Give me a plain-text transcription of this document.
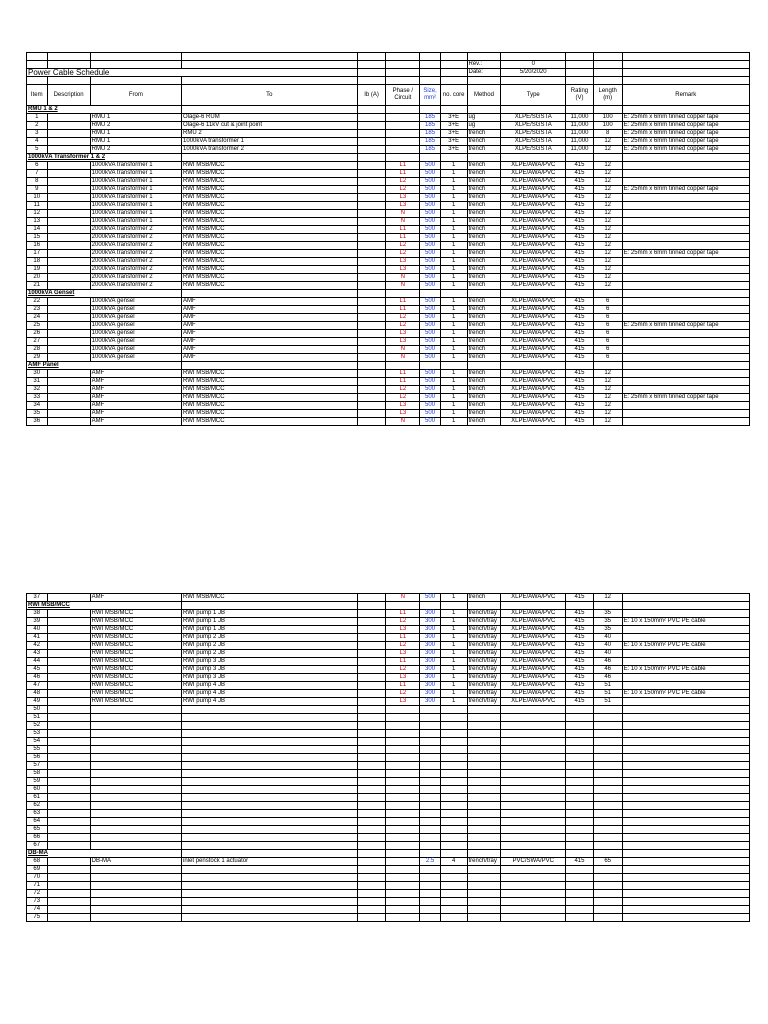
								Rev.:	0			
Power Cable Schedule								Date:	5/20/2020			

Item	Description	From	To	Ib (A)	Phase / Circuit	Size, mm²	no. core	Method	Type	Rating (V)	Length (m)	Remark
RMU 1 & 2												
1		RMU 1	Olage-6 RUM			185	3+E	ug	XLPE/SGSTA	11,000	100	E: 25mm x 6mm tinned copper tape
2		RMU 2	Olage-6 11kV cut & joint point			185	3+E	ug	XLPE/SGSTA	11,000	100	E: 25mm x 6mm tinned copper tape
3		RMU 1	RMU 2			185	3+E	trench	XLPE/SGSTA	11,000	8	E: 25mm x 6mm tinned copper tape
4		RMU 1	1000kVA transformer 1			185	3+E	trench	XLPE/SGSTA	11,000	12	E: 25mm x 6mm tinned copper tape
5		RMU 2	1000kVA transformer 2			185	3+E	trench	XLPE/SGSTA	11,000	12	E: 25mm x 6mm tinned copper tape
1000kVA Transformer 1 & 2												
6		1000kVA transformer 1	RWI MSB/MCC		L1	500	1	trench	XLPE/AWA/PVC	415	12	
7		1000kVA transformer 1	RWI MSB/MCC		L1	500	1	trench	XLPE/AWA/PVC	415	12	
8		1000kVA transformer 1	RWI MSB/MCC		L2	500	1	trench	XLPE/AWA/PVC	415	12	
9		1000kVA transformer 1	RWI MSB/MCC		L2	500	1	trench	XLPE/AWA/PVC	415	12	E: 25mm x 6mm tinned copper tape
10		1000kVA transformer 1	RWI MSB/MCC		L3	500	1	trench	XLPE/AWA/PVC	415	12	
11		1000kVA transformer 1	RWI MSB/MCC		L3	500	1	trench	XLPE/AWA/PVC	415	12	
12		1000kVA transformer 1	RWI MSB/MCC		N	500	1	trench	XLPE/AWA/PVC	415	12	
13		1000kVA transformer 1	RWI MSB/MCC		N	500	1	trench	XLPE/AWA/PVC	415	12	
14		2000kVA transformer 2	RWI MSB/MCC		L1	500	1	trench	XLPE/AWA/PVC	415	12	
15		2000kVA transformer 2	RWI MSB/MCC		L1	500	1	trench	XLPE/AWA/PVC	415	12	
16		2000kVA transformer 2	RWI MSB/MCC		L2	500	1	trench	XLPE/AWA/PVC	415	12	
17		2000kVA transformer 2	RWI MSB/MCC		L2	500	1	trench	XLPE/AWA/PVC	415	12	E: 25mm x 6mm tinned copper tape
18		2000kVA transformer 2	RWI MSB/MCC		L3	500	1	trench	XLPE/AWA/PVC	415	12	
19		2000kVA transformer 2	RWI MSB/MCC		L3	500	1	trench	XLPE/AWA/PVC	415	12	
20		2000kVA transformer 2	RWI MSB/MCC		N	500	1	trench	XLPE/AWA/PVC	415	12	
21		2000kVA transformer 2	RWI MSB/MCC		N	500	1	trench	XLPE/AWA/PVC	415	12	
1000kVA Genset												
22		1000kVA gensel	AMF		L1	500	1	trench	XLPE/AWA/PVC	415	6	
23		1000kVA gensel	AMF		L1	500	1	trench	XLPE/AWA/PVC	415	6	
24		1000kVA gensel	AMF		L2	500	1	trench	XLPE/AWA/PVC	415	6	
25		1000kVA gensel	AMF		L2	500	1	trench	XLPE/AWA/PVC	415	6	E: 25mm x 6mm tinned copper tape
26		1000kVA gensel	AMF		L3	500	1	trench	XLPE/AWA/PVC	415	6	
27		1000kVA gensel	AMF		L3	500	1	trench	XLPE/AWA/PVC	415	6	
28		1000kVA gensel	AMF		N	500	1	trench	XLPE/AWA/PVC	415	6	
29		1000kVA gensel	AMF		N	500	1	trench	XLPE/AWA/PVC	415	6	
AMF Panel												
30		AMF	RWI MSB/MCC		L1	500	1	trench	XLPE/AWA/PVC	415	12	
31		AMF	RWI MSB/MCC		L1	500	1	trench	XLPE/AWA/PVC	415	12	
32		AMF	RWI MSB/MCC		L2	500	1	trench	XLPE/AWA/PVC	415	12	
33		AMF	RWI MSB/MCC		L2	500	1	trench	XLPE/AWA/PVC	415	12	E: 25mm x 6mm tinned copper tape
34		AMF	RWI MSB/MCC		L3	500	1	trench	XLPE/AWA/PVC	415	12	
35		AMF	RWI MSB/MCC		L3	500	1	trench	XLPE/AWA/PVC	415	12	
36		AMF	RWI MSB/MCC		N	500	1	trench	XLPE/AWA/PVC	415	12	
37		AMF	RWI MSB/MCC		N	500	1	trench	XLPE/AWA/PVC	415	12	
RWI MSB/MCC												
38		RWI MSB/MCC	RWI pump 1 JB		L1	300	1	trench/tray	XLPE/AWA/PVC	415	35	
39		RWI MSB/MCC	RWI pump 1 JB		L2	300	1	trench/tray	XLPE/AWA/PVC	415	35	E: 10 x 150mm² PVC PE cable
40		RWI MSB/MCC	RWI pump 1 JB		L3	300	1	trench/tray	XLPE/AWA/PVC	415	35	
41		RWI MSB/MCC	RWI pump 2 JB		L1	300	1	trench/tray	XLPE/AWA/PVC	415	40	
42		RWI MSB/MCC	RWI pump 2 JB		L2	300	1	trench/tray	XLPE/AWA/PVC	415	40	E: 10 x 150mm² PVC PE cable
43		RWI MSB/MCC	RWI pump 2 JB		L3	300	1	trench/tray	XLPE/AWA/PVC	415	40	
44		RWI MSB/MCC	RWI pump 3 JB		L1	300	1	trench/tray	XLPE/AWA/PVC	415	46	
45		RWI MSB/MCC	RWI pump 3 JB		L2	300	1	trench/tray	XLPE/AWA/PVC	415	46	E: 10 x 150mm² PVC PE cable
46		RWI MSB/MCC	RWI pump 3 JB		L3	300	1	trench/tray	XLPE/AWA/PVC	415	46	
47		RWI MSB/MCC	RWI pump 4 JB		L1	300	1	trench/tray	XLPE/AWA/PVC	415	51	
48		RWI MSB/MCC	RWI pump 4 JB		L2	300	1	trench/tray	XLPE/AWA/PVC	415	51	E: 10 x 150mm² PVC PE cable
49		RWI MSB/MCC	RWI pump 4 JB		L3	300	1	trench/tray	XLPE/AWA/PVC	415	51	
50												
51												
52												
53												
54												
55												
56												
57												
58												
59												
60												
61												
62												
63												
64												
65												
66												
67												
DB-MA												
68		DB-MA	inlet penstock 1 actuator			2.5	4	trench/tray	PVC/SWA/PVC	415	65	
69												
70												
71												
72												
73												
74												
75												
